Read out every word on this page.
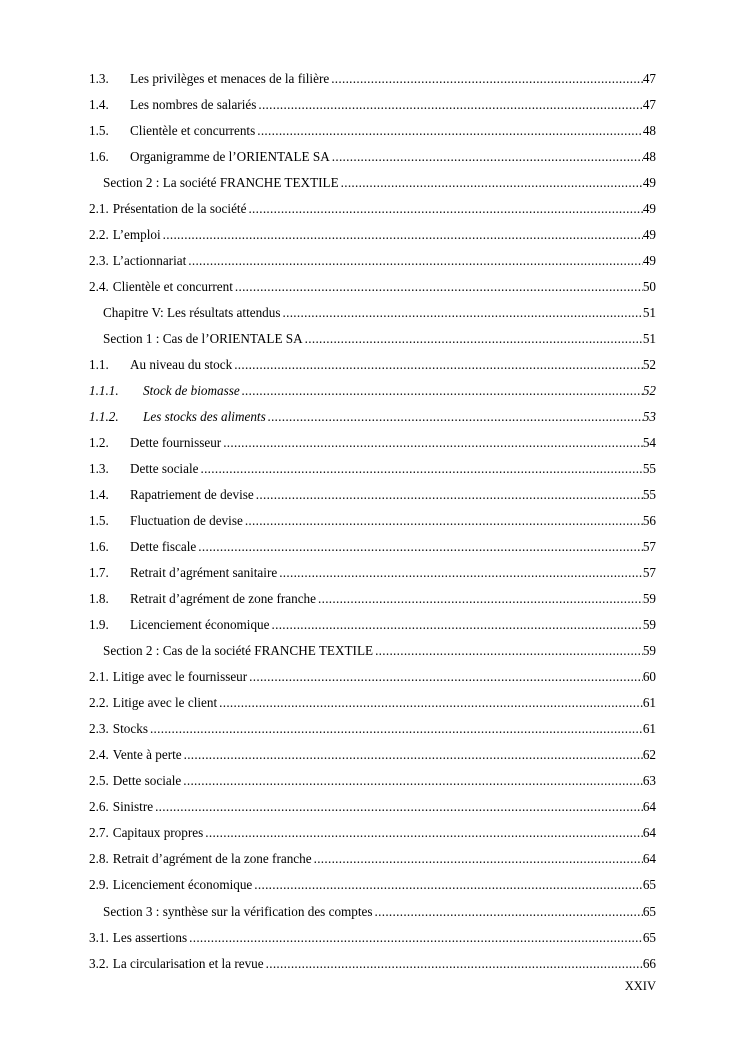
1.3.	Les privilèges et menaces de la filière .....	47
1.4.	Les nombres de salariés .....	47
1.5.	Clientèle et concurrents .....	48
1.6.	Organigramme de l’ORIENTALE SA .....	48
Section 2 : La société FRANCHE TEXTILE .....	49
2.1. Présentation de la société .....	49
2.2. L’emploi .....	49
2.3. L’actionnariat .....	49
2.4. Clientèle et concurrent .....	50
Chapitre V: Les résultats attendus .....	51
Section 1 : Cas de l’ORIENTALE SA .....	51
1.1.	Au niveau du stock .....	52
1.1.1.	Stock de biomasse .....	52
1.1.2.	Les stocks des aliments .....	53
1.2.	Dette fournisseur .....	54
1.3.	Dette sociale .....	55
1.4.	Rapatriement de devise .....	55
1.5.	Fluctuation de devise .....	56
1.6.	Dette fiscale .....	57
1.7.	Retrait d’agrément sanitaire .....	57
1.8.	Retrait d’agrément de zone franche .....	59
1.9.	Licenciement économique .....	59
Section 2 : Cas de la société FRANCHE TEXTILE .....	59
2.1. Litige avec le fournisseur .....	60
2.2. Litige avec le client .....	61
2.3. Stocks .....	61
2.4. Vente à perte .....	62
2.5. Dette sociale .....	63
2.6. Sinistre .....	64
2.7. Capitaux propres .....	64
2.8. Retrait d’agrément de la zone franche .....	64
2.9. Licenciement économique .....	65
Section 3 : synthèse sur la vérification des comptes .....	65
3.1. Les assertions .....	65
3.2. La circularisation et la revue .....	66
XXIV
